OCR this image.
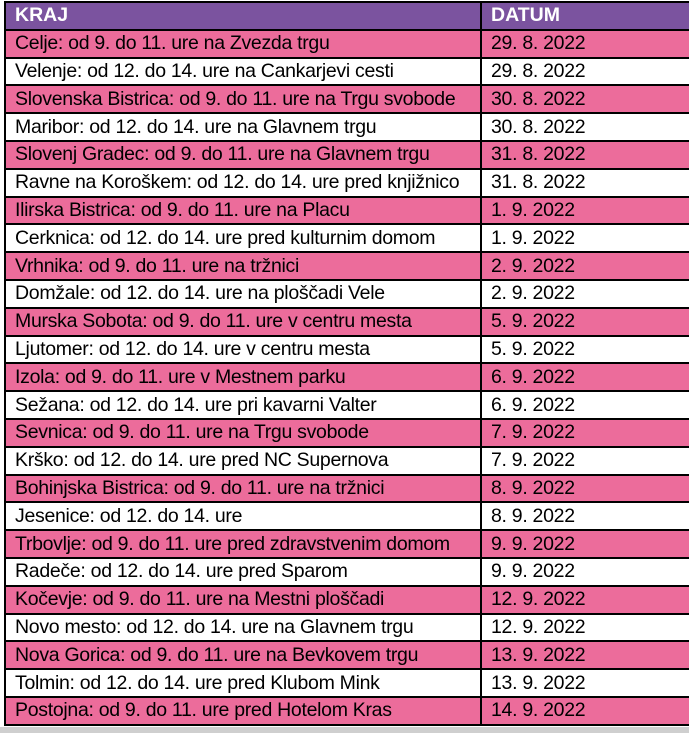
KRAJ	DATUM
Celje: od 9. do 11. ure na Zvezda trgu	29. 8. 2022
Velenje: od 12. do 14. ure na Cankarjevi cesti	29. 8. 2022
Slovenska Bistrica: od 9. do 11. ure na Trgu svobode	30. 8. 2022
Maribor: od 12. do 14. ure na Glavnem trgu	30. 8. 2022
Slovenj Gradec: od 9. do 11. ure na Glavnem trgu	31. 8. 2022
Ravne na Koroškem: od 12. do 14. ure pred knjižnico	31. 8. 2022
Ilirska Bistrica: od 9. do 11. ure na Placu	1. 9. 2022
Cerknica: od 12. do 14. ure pred kulturnim domom	1. 9. 2022
Vrhnika: od 9. do 11. ure na tržnici	2. 9. 2022
Domžale: od 12. do 14. ure na ploščadi Vele	2. 9. 2022
Murska Sobota: od 9. do 11. ure v centru mesta	5. 9. 2022
Ljutomer: od 12. do 14. ure v centru mesta	5. 9. 2022
Izola: od 9. do 11. ure v Mestnem parku	6. 9. 2022
Sežana: od 12. do 14. ure pri kavarni Valter	6. 9. 2022
Sevnica: od 9. do 11. ure na Trgu svobode	7. 9. 2022
Krško: od 12. do 14. ure pred NC Supernova	7. 9. 2022
Bohinjska Bistrica: od 9. do 11. ure na tržnici	8. 9. 2022
Jesenice: od 12. do 14. ure	8. 9. 2022
Trbovlje: od 9. do 11. ure pred zdravstvenim domom	9. 9. 2022
Radeče: od 12. do 14. ure pred Sparom	9. 9. 2022
Kočevje: od 9. do 11. ure na Mestni ploščadi	12. 9. 2022
Novo mesto: od 12. do 14. ure na Glavnem trgu	12. 9. 2022
Nova Gorica: od 9. do 11. ure na Bevkovem trgu	13. 9. 2022
Tolmin: od 12. do 14. ure pred Klubom Mink	13. 9. 2022
Postojna: od 9. do 11. ure pred Hotelom Kras	14. 9. 2022
